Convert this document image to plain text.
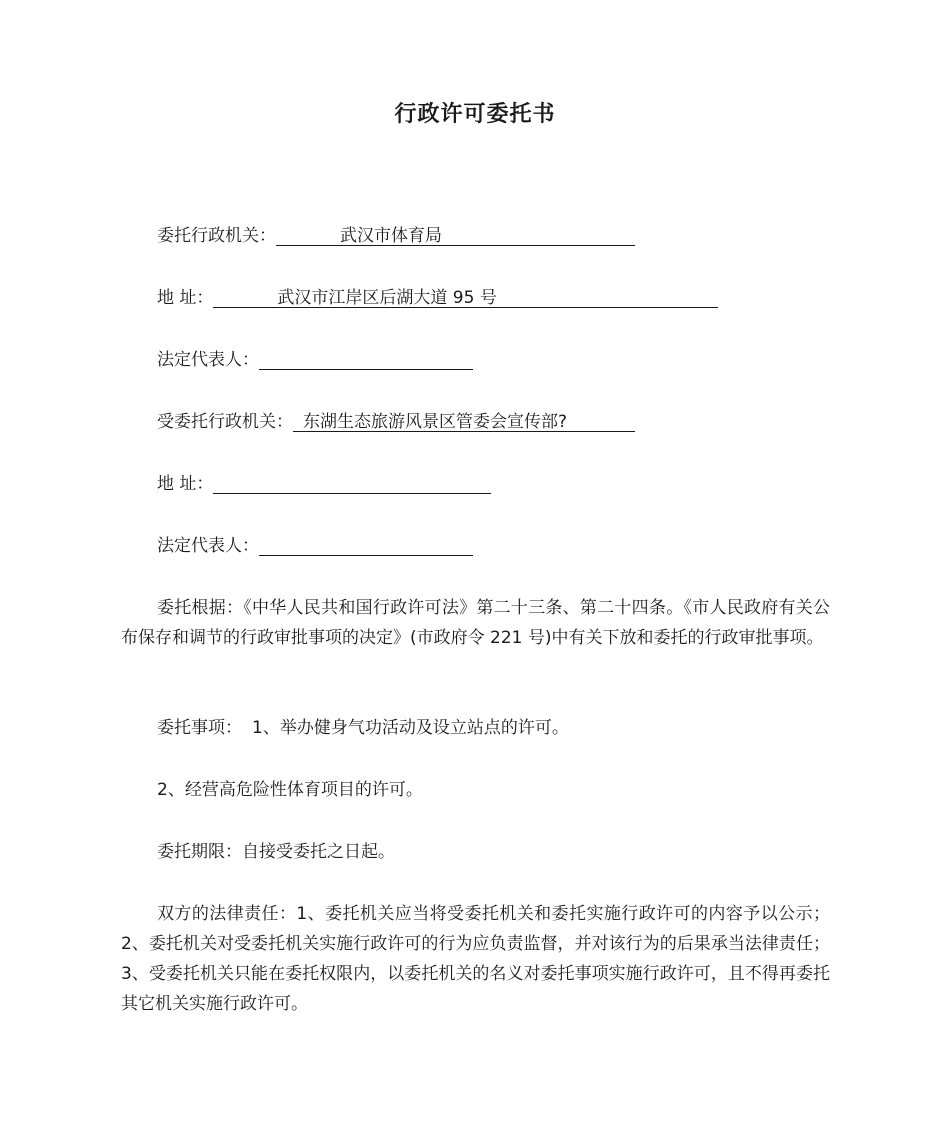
行政许可委托书
委托行政机关：	武汉市体育局
地 址：	武汉市江岸区后湖大道 95 号
法定代表人：
受委托行政机关： 东湖生态旅游风景区管委会宣传部?
地 址：
法定代表人：
委托根据：《中华人民共和国行政许可法》第二十三条、第二十四条。《市人民政府有关公布保存和调节的行政审批事项的决定》(市政府令 221 号)中有关下放和委托的行政审批事项。
委托事项： 1、举办健身气功活动及设立站点的许可。
2、经营高危险性体育项目的许可。
委托期限：自接受委托之日起。
双方的法律责任：1、委托机关应当将受委托机关和委托实施行政许可的内容予以公示；2、委托机关对受委托机关实施行政许可的行为应负责监督，并对该行为的后果承当法律责任；3、受委托机关只能在委托权限内，以委托机关的名义对委托事项实施行政许可，且不得再委托其它机关实施行政许可。
